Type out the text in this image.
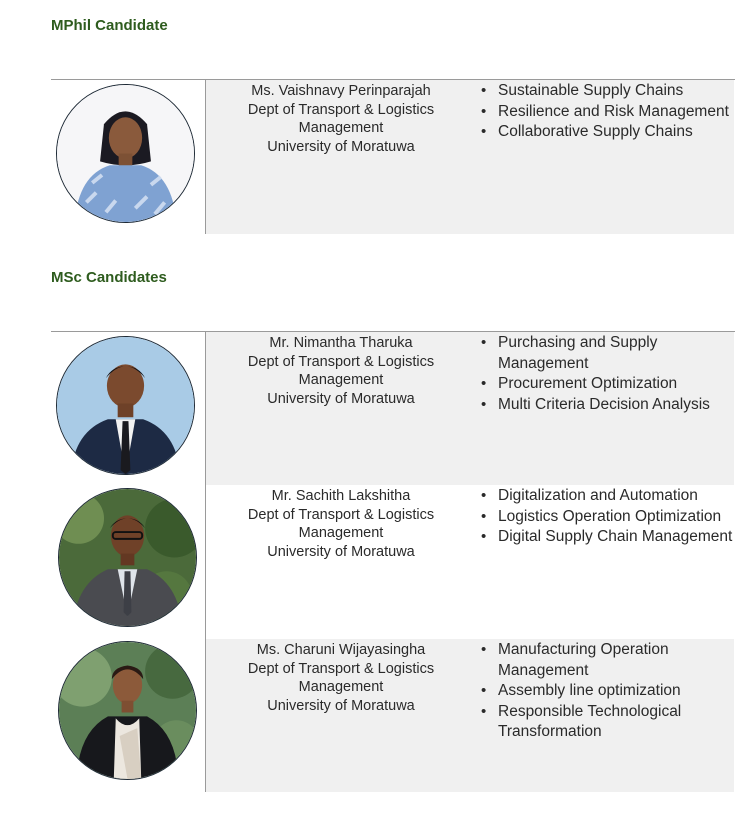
MPhil Candidate
Ms. Vaishnavy Perinparajah
Dept of Transport & Logistics
Management
University of Moratuwa
• Sustainable Supply Chains
• Resilience and Risk Management
• Collaborative Supply Chains
MSc Candidates
Mr. Nimantha Tharuka
Dept of Transport & Logistics
Management
University of Moratuwa
• Purchasing and Supply Management
• Procurement Optimization
• Multi Criteria Decision Analysis
Mr. Sachith Lakshitha
Dept of Transport & Logistics
Management
University of Moratuwa
• Digitalization and Automation
• Logistics Operation Optimization
• Digital Supply Chain Management
Ms. Charuni Wijayasingha
Dept of Transport & Logistics
Management
University of Moratuwa
• Manufacturing Operation Management
• Assembly line optimization
• Responsible Technological Transformation
